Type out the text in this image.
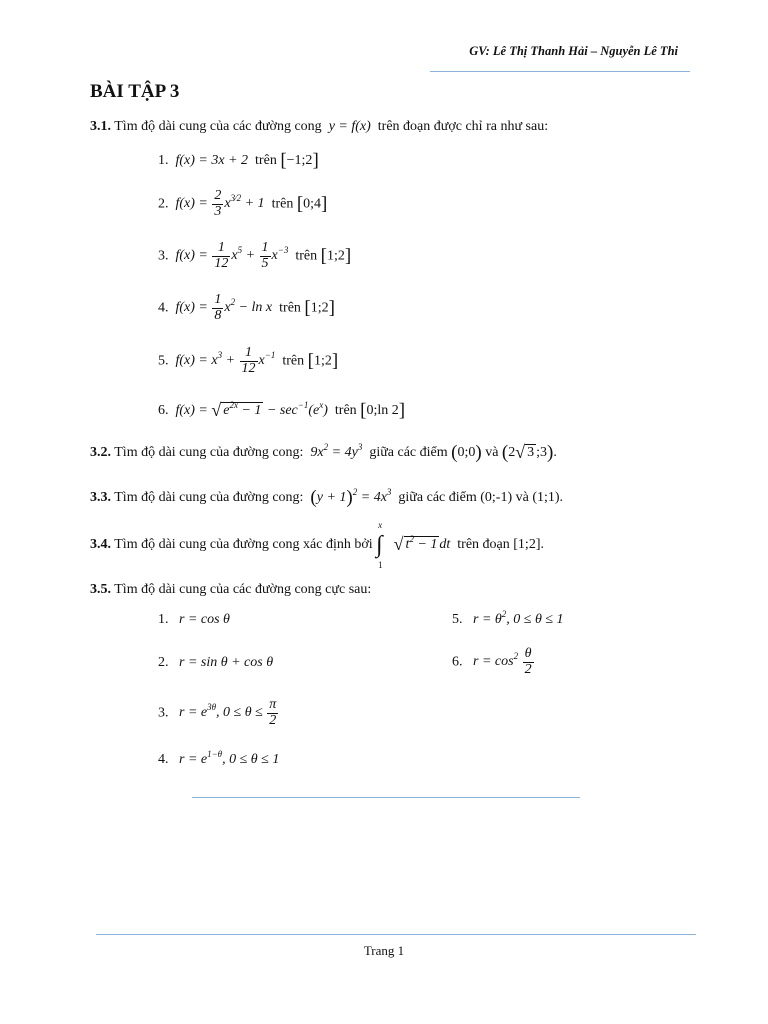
GV: Lê Thị Thanh Hải – Nguyễn Lê Thi
BÀI TẬP 3
3.1. Tìm độ dài cung của các đường cong  y = f(x)  trên đoạn được chỉ ra như sau:
1.  f(x) = 3x + 2  trên [−1;2]
2.  $f(x) = \frac{2}{3} x^{3⁄2} + 1$  trên [0;4]
3.  $f(x) = \frac{1}{12} x^5 + \frac{1}{5} x^{-3}$ trên [1;2]
4.  $f(x) = \frac{1}{8} x^2 - \ln x$  trên [1;2]
5.  $f(x) = x^3 + \frac{1}{12} x^{-1}$ trên [1;2]
6.  f(x) = √ $e^{2x} - 1 - \sec^{-1}(e^x)$  trên [0;ln 2]
3.2. Tìm độ dài cung của đường cong:  $9x^2 = 4y^3$ giữa các điểm (0;0) và (2√ 3 ;3).
3.3. Tìm độ dài cung của đường cong: $(y + 1)^2 = 4x^3$ giữa các điểm (0;-1) và (1;1).
3.4. Tìm độ dài cung của đường cong xác định bởi ∫
x
1
√ $t^2 - 1$ dt  trên đoạn [1;2].
3.5. Tìm độ dài cung của các đường cong cực sau:
1.   r = cos θ
2.   r = sin θ + cos θ
3.   $r = e^{3\theta}$, $0 \le \theta \le \frac{\pi}{2}$
4.   $r = e^{1-\theta}$, 0 ≤ θ ≤ 1
5.   $r = \theta^2$, 0 ≤ θ ≤ 1
6.   $r = \cos^2 \frac{\theta}{2}$
Trang 1
